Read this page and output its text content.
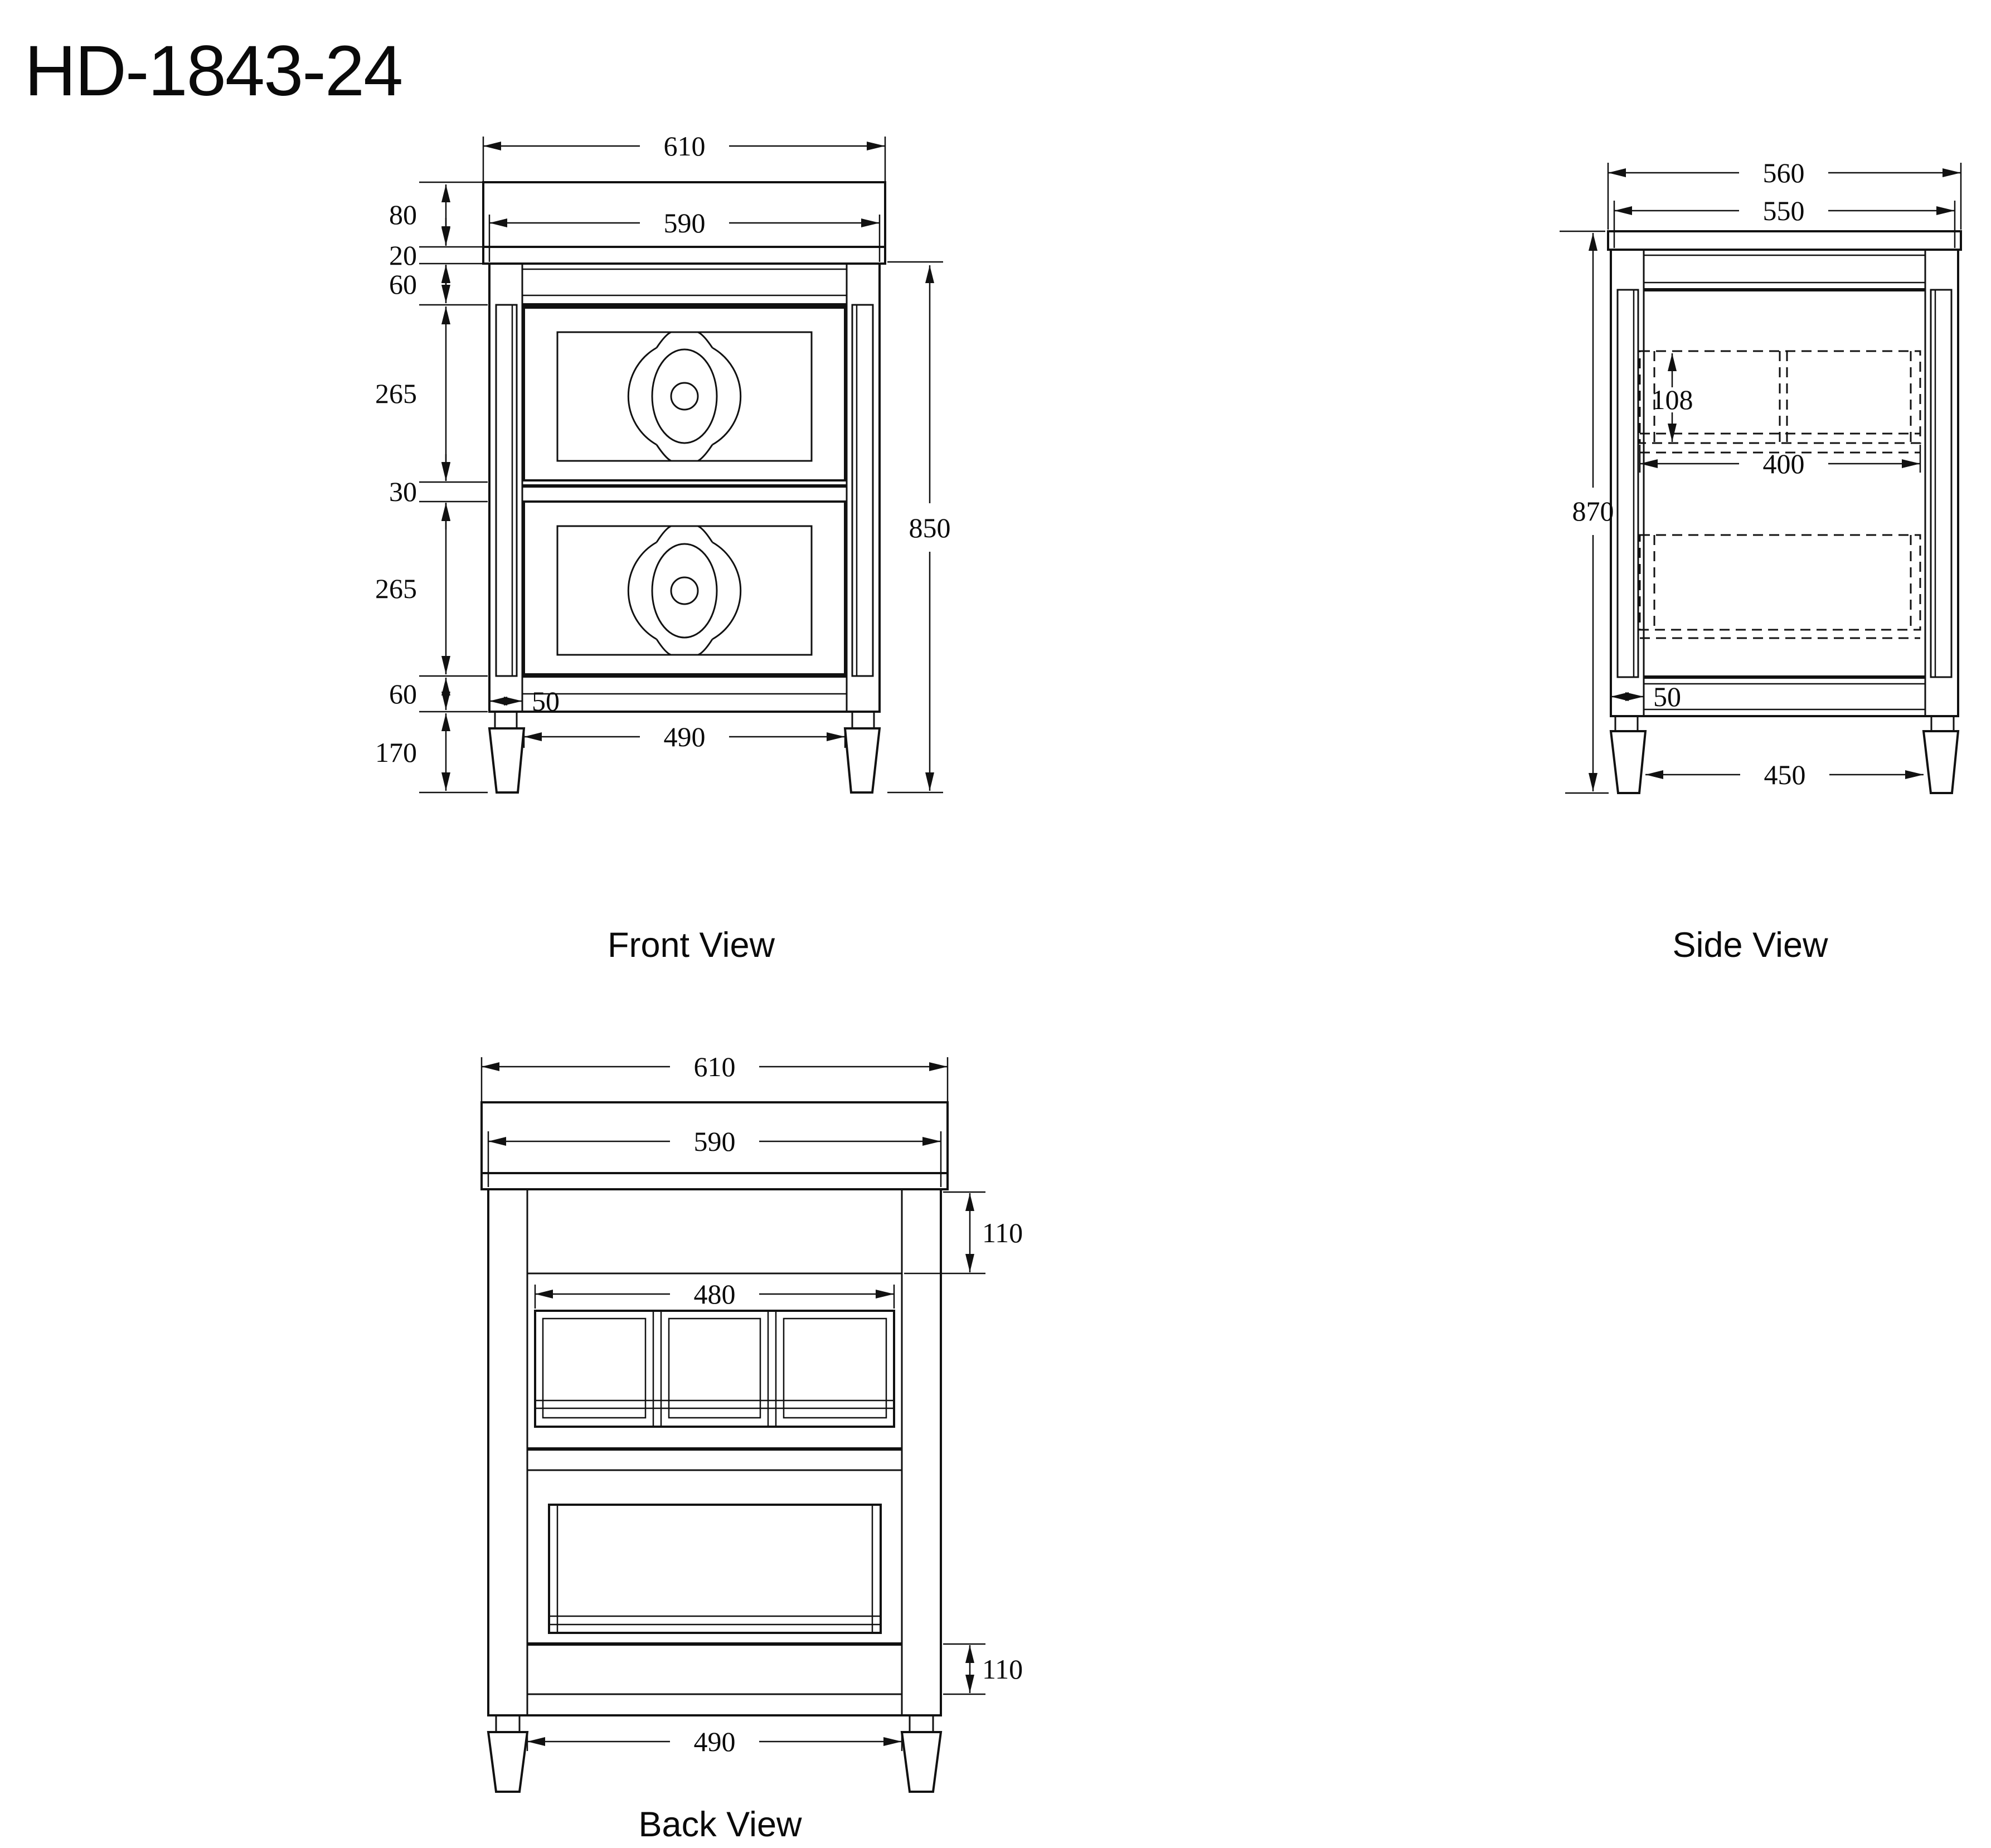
HD-1843-24
610
590
80
20
60
265
30
265
60
170
850
50
490
560
550
870
108
400
50
450
610
590
110
480
110
490
Front View	Side View
Back View
